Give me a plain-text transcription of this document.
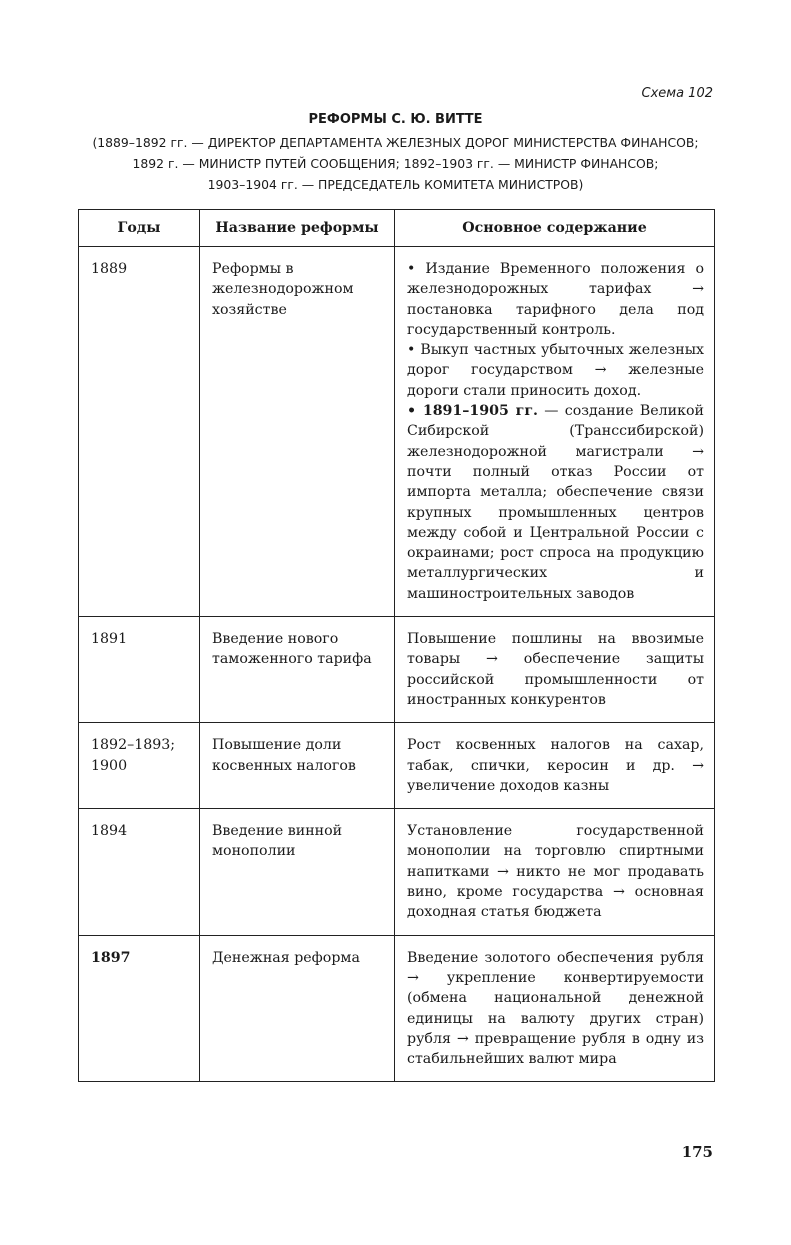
Схема 102
РЕФОРМЫ С. Ю. ВИТТЕ
(1889–1892 гг. — ДИРЕКТОР ДЕПАРТАМЕНТА ЖЕЛЕЗНЫХ ДОРОГ МИНИСТЕРСТВА ФИНАНСОВ;
1892 г. — МИНИСТР ПУТЕЙ СООБЩЕНИЯ; 1892–1903 гг. — МИНИСТР ФИНАНСОВ;
1903–1904 гг. — ПРЕДСЕДАТЕЛЬ КОМИТЕТА МИНИСТРОВ)
Годы	Название реформы	Основное содержание
1889	Реформы в железнодорожном хозяйстве	• Издание Временного положения о железнодорожных тарифах → постановка тарифного дела под государственный контроль.

• Выкуп частных убыточных железных дорог государством → железные дороги стали приносить доход.

• 1891–1905 гг. — создание Великой Сибирской (Транссибирской) железнодорожной магистрали → почти полный отказ России от импорта металла; обеспечение связи крупных промышленных центров между собой и Центральной России с окраинами; рост спроса на продукцию металлургических и машиностроительных заводов

1891	Введение нового таможенного тарифа	Повышение пошлины на ввозимые товары → обеспечение защиты российской промышленности от иностранных конкурентов
1892–1893; 1900	Повышение доли косвенных налогов	Рост косвенных налогов на сахар, табак, спички, керосин и др. → увеличение доходов казны
1894	Введение винной монополии	Установление государственной монополии на торговлю спиртными напитками → никто не мог продавать вино, кроме государства → основная доходная статья бюджета
1897	Денежная реформа	Введение золотого обеспечения рубля → укрепление конвертируемости (обмена национальной денежной единицы на валюту других стран) рубля → превращение рубля в одну из стабильнейших валют мира
175
